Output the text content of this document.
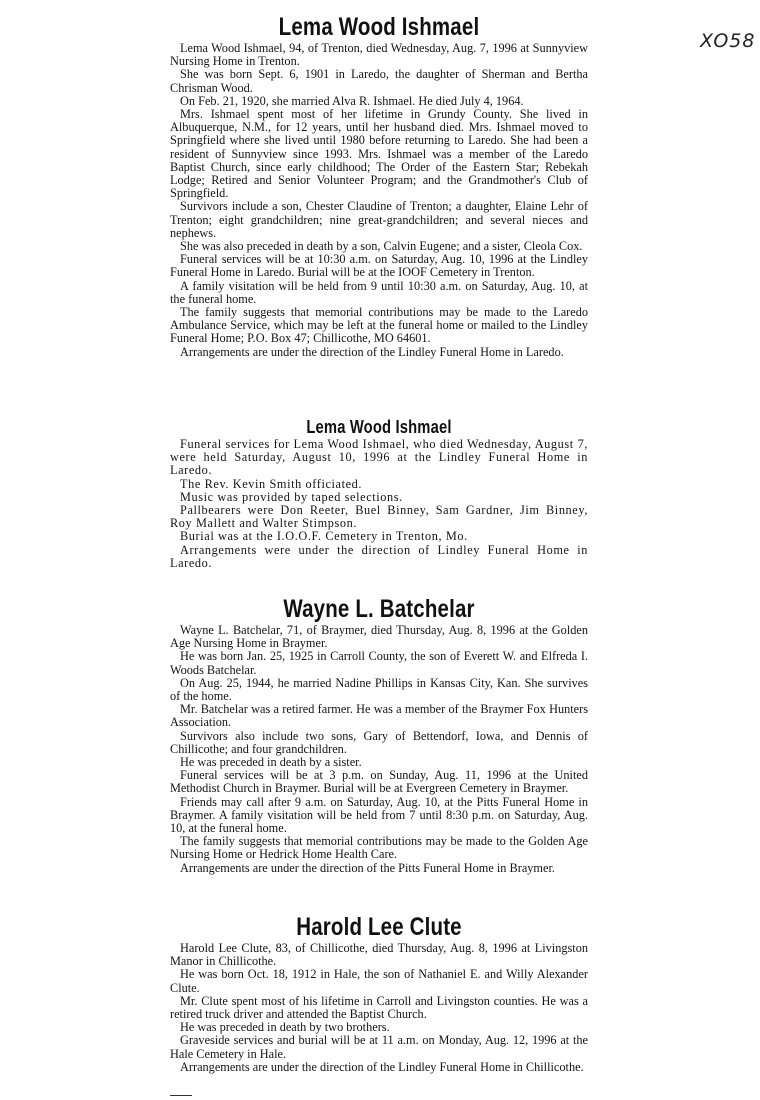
XO58
Lema Wood Ishmael

Lema Wood Ishmael, 94, of Trenton, died Wednesday, Aug. 7, 1996 at Sunnyview Nursing Home in Trenton.

She was born Sept. 6, 1901 in Laredo, the daughter of Sherman and Bertha Chrisman Wood.

On Feb. 21, 1920, she married Alva R. Ishmael. He died July 4, 1964.

Mrs. Ishmael spent most of her lifetime in Grundy County. She lived in Albuquerque, N.M., for 12 years, until her husband died. Mrs. Ishmael moved to Springfield where she lived until 1980 before returning to Laredo. She had been a resident of Sunnyview since 1993. Mrs. Ishmael was a member of the Laredo Baptist Church, since early childhood; The Order of the Eastern Star; Rebekah Lodge; Retired and Senior Volunteer Program; and the Grandmother's Club of Springfield.

Survivors include a son, Chester Claudine of Trenton; a daughter, Elaine Lehr of Trenton; eight grandchildren; nine great-grandchildren; and several nieces and nephews.

She was also preceded in death by a son, Calvin Eugene; and a sister, Cleola Cox.

Funeral services will be at 10:30 a.m. on Saturday, Aug. 10, 1996 at the Lindley Funeral Home in Laredo. Burial will be at the IOOF Cemetery in Trenton.

A family visitation will be held from 9 until 10:30 a.m. on Saturday, Aug. 10, at the funeral home.

The family suggests that memorial contributions may be made to the Laredo Ambulance Service, which may be left at the funeral home or mailed to the Lindley Funeral Home; P.O. Box 47; Chillicothe, MO 64601.

Arrangements are under the direction of the Lindley Funeral Home in Laredo.

Lema Wood Ishmael

Funeral services for Lema Wood Ishmael, who died Wednesday, August 7, were held Saturday, August 10, 1996 at the Lindley Funeral Home in Laredo.

The Rev. Kevin Smith officiated.

Music was provided by taped selections.

Pallbearers were Don Reeter, Buel Binney, Sam Gardner, Jim Binney, Roy Mallett and Walter Stimpson.

Burial was at the I.O.O.F. Cemetery in Trenton, Mo.

Arrangements were under the direction of Lindley Funeral Home in Laredo.

Wayne L. Batchelar

Wayne L. Batchelar, 71, of Braymer, died Thursday, Aug. 8, 1996 at the Golden Age Nursing Home in Braymer.

He was born Jan. 25, 1925 in Carroll County, the son of Everett W. and Elfreda I. Woods Batchelar.

On Aug. 25, 1944, he married Nadine Phillips in Kansas City, Kan. She survives of the home.

Mr. Batchelar was a retired farmer. He was a member of the Braymer Fox Hunters Association.

Survivors also include two sons, Gary of Bettendorf, Iowa, and Dennis of Chillicothe; and four grandchildren.

He was preceded in death by a sister.

Funeral services will be at 3 p.m. on Sunday, Aug. 11, 1996 at the United Methodist Church in Braymer. Burial will be at Evergreen Cemetery in Braymer.

Friends may call after 9 a.m. on Saturday, Aug. 10, at the Pitts Funeral Home in Braymer. A family visitation will be held from 7 until 8:30 p.m. on Saturday, Aug. 10, at the funeral home.

The family suggests that memorial contributions may be made to the Golden Age Nursing Home or Hedrick Home Health Care.

Arrangements are under the direction of the Pitts Funeral Home in Braymer.

Harold Lee Clute

Harold Lee Clute, 83, of Chillicothe, died Thursday, Aug. 8, 1996 at Livingston Manor in Chillicothe.

He was born Oct. 18, 1912 in Hale, the son of Nathaniel E. and Willy Alexander Clute.

Mr. Clute spent most of his lifetime in Carroll and Livingston counties. He was a retired truck driver and attended the Baptist Church.

He was preceded in death by two brothers.

Graveside services and burial will be at 11 a.m. on Monday, Aug. 12, 1996 at the Hale Cemetery in Hale.

Arrangements are under the direction of the Lindley Funeral Home in Chillicothe.
